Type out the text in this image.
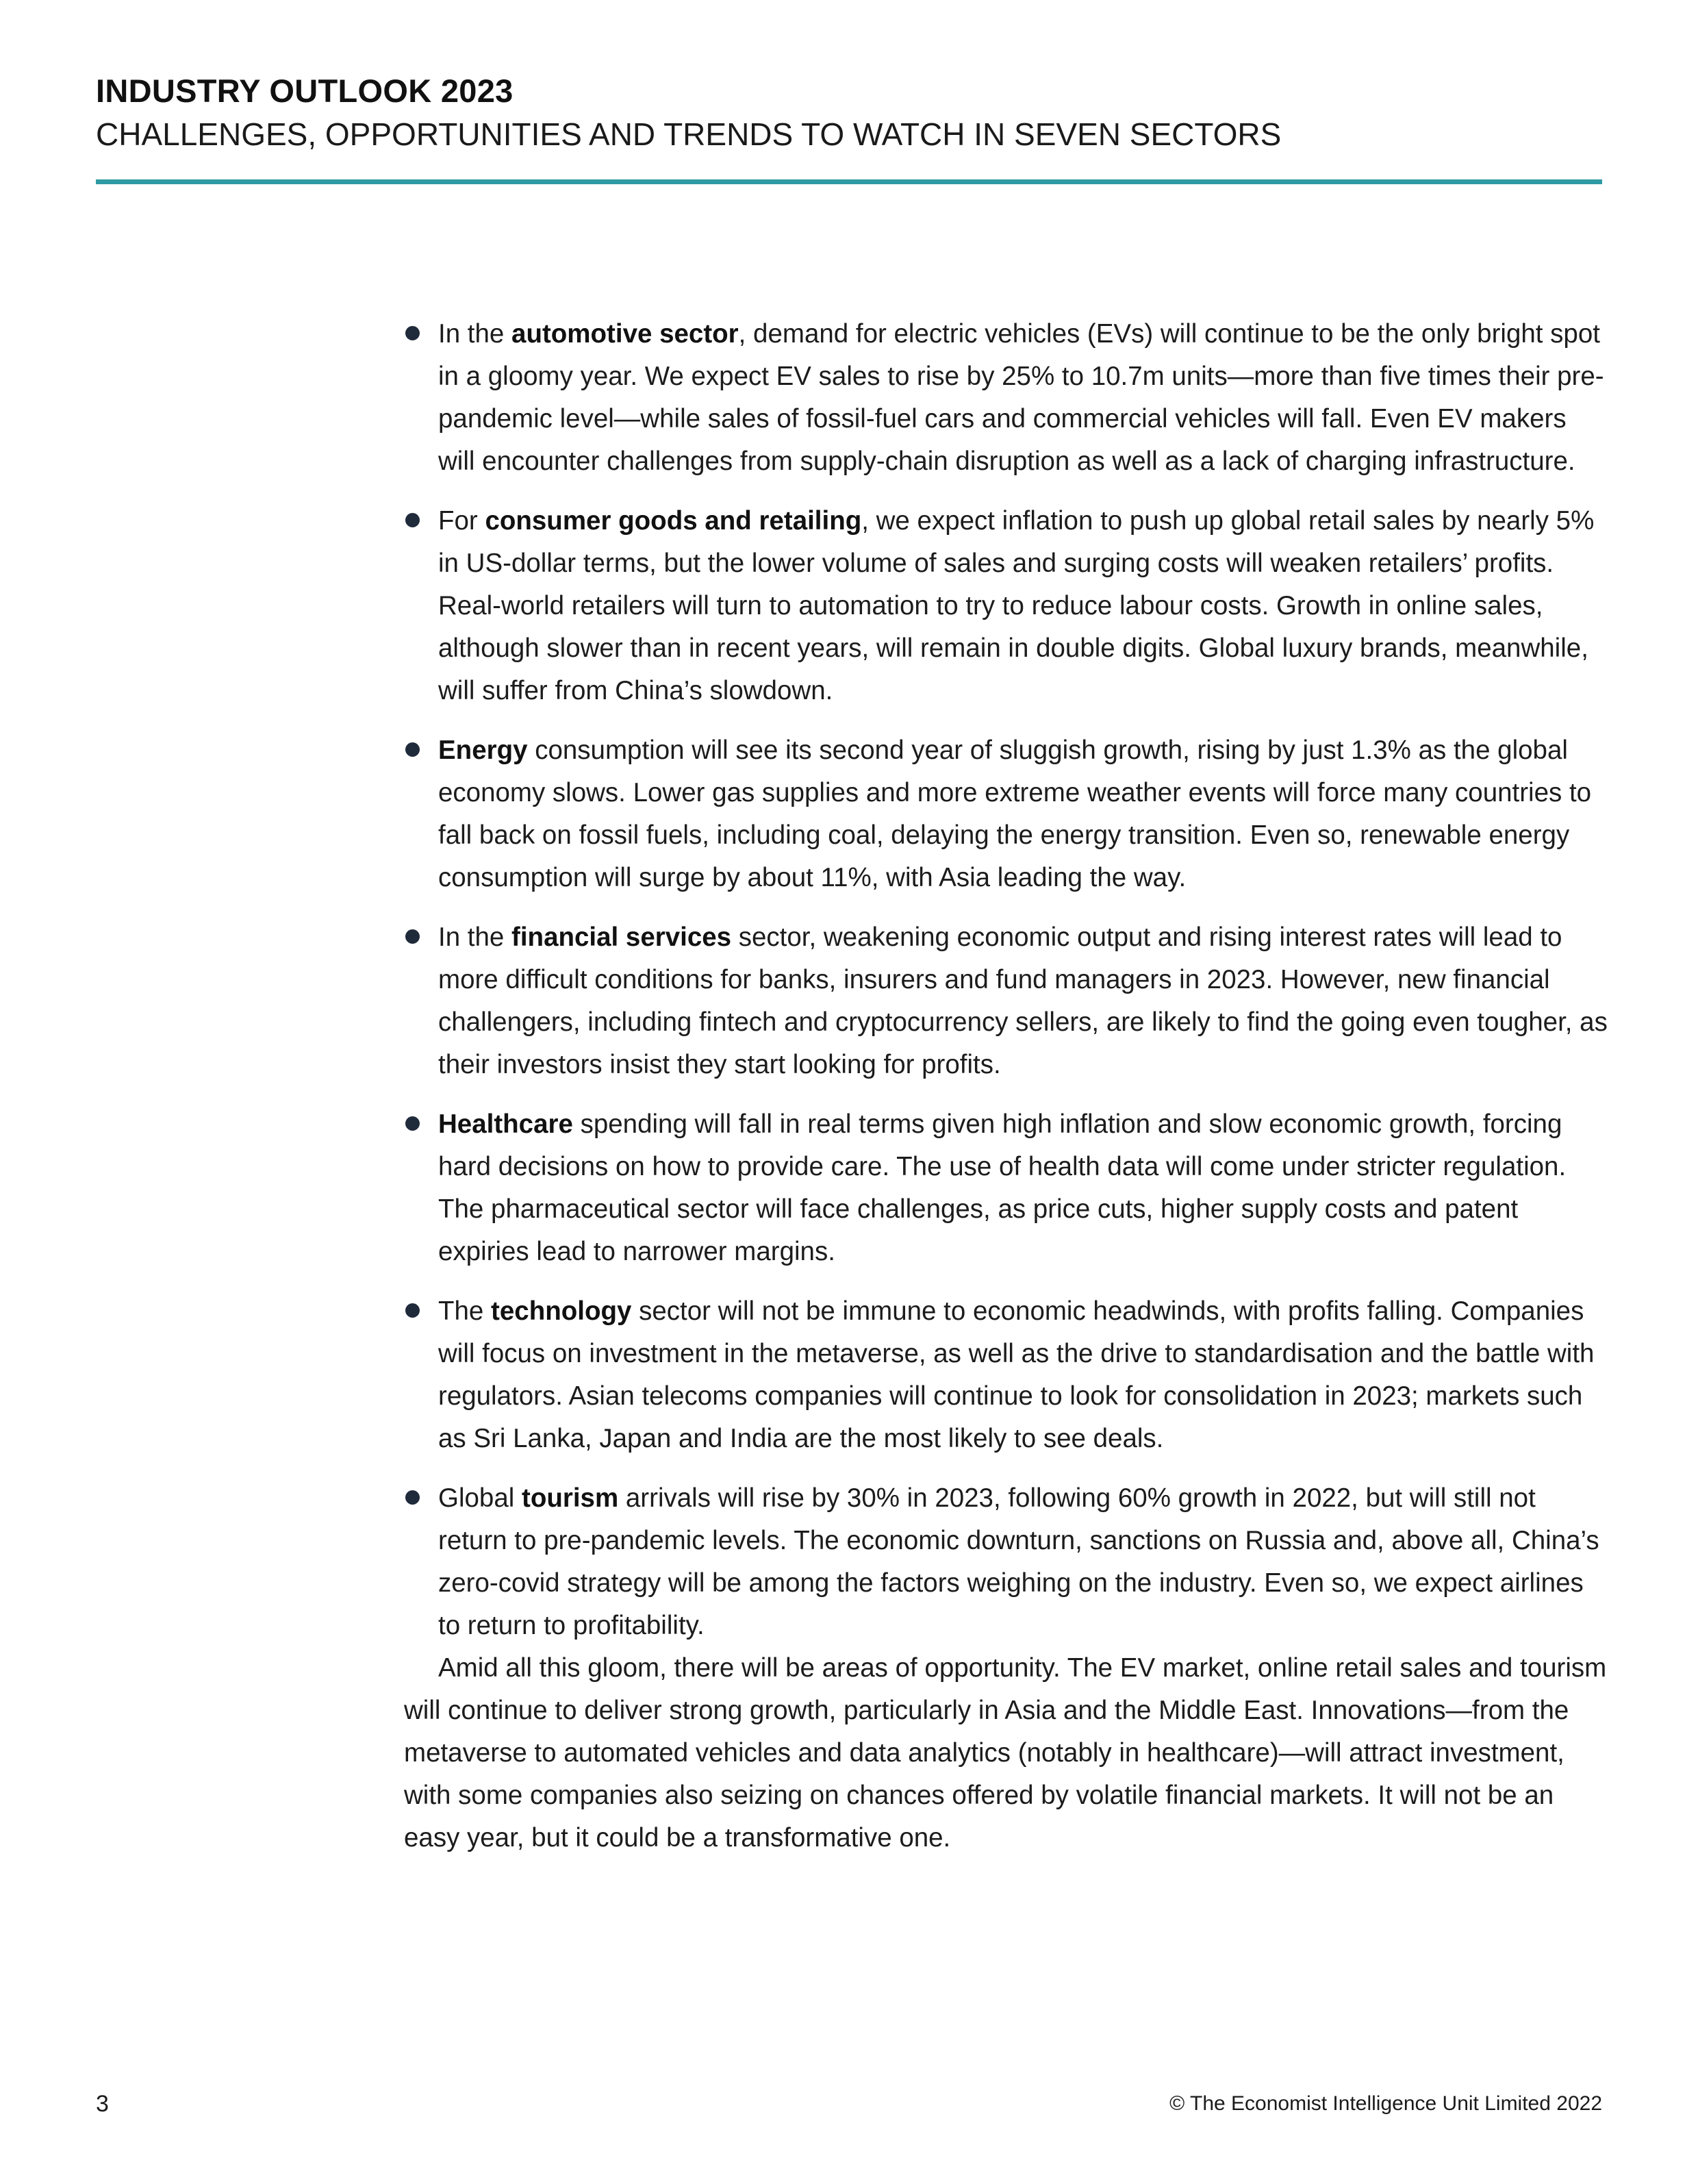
INDUSTRY OUTLOOK 2023
CHALLENGES, OPPORTUNITIES AND TRENDS TO WATCH IN SEVEN SECTORS
In the automotive sector, demand for electric vehicles (EVs) will continue to be the only bright spot in a gloomy year. We expect EV sales to rise by 25% to 10.7m units—more than five times their pre-pandemic level—while sales of fossil-fuel cars and commercial vehicles will fall. Even EV makers will encounter challenges from supply-chain disruption as well as a lack of charging infrastructure.
For consumer goods and retailing, we expect inflation to push up global retail sales by nearly 5% in US-dollar terms, but the lower volume of sales and surging costs will weaken retailers’ profits. Real-world retailers will turn to automation to try to reduce labour costs. Growth in online sales, although slower than in recent years, will remain in double digits. Global luxury brands, meanwhile, will suffer from China’s slowdown.
Energy consumption will see its second year of sluggish growth, rising by just 1.3% as the global economy slows. Lower gas supplies and more extreme weather events will force many countries to fall back on fossil fuels, including coal, delaying the energy transition. Even so, renewable energy consumption will surge by about 11%, with Asia leading the way.
In the financial services sector, weakening economic output and rising interest rates will lead to more difficult conditions for banks, insurers and fund managers in 2023. However, new financial challengers, including fintech and cryptocurrency sellers, are likely to find the going even tougher, as their investors insist they start looking for profits.
Healthcare spending will fall in real terms given high inflation and slow economic growth, forcing hard decisions on how to provide care. The use of health data will come under stricter regulation. The pharmaceutical sector will face challenges, as price cuts, higher supply costs and patent expiries lead to narrower margins.
The technology sector will not be immune to economic headwinds, with profits falling. Companies will focus on investment in the metaverse, as well as the drive to standardisation and the battle with regulators. Asian telecoms companies will continue to look for consolidation in 2023; markets such as Sri Lanka, Japan and India are the most likely to see deals.
Global tourism arrivals will rise by 30% in 2023, following 60% growth in 2022, but will still not return to pre-pandemic levels. The economic downturn, sanctions on Russia and, above all, China’s zero-covid strategy will be among the factors weighing on the industry. Even so, we expect airlines to return to profitability.

Amid all this gloom, there will be areas of opportunity. The EV market, online retail sales and tourism will continue to deliver strong growth, particularly in Asia and the Middle East. Innovations—from the metaverse to automated vehicles and data analytics (notably in healthcare)—will attract investment, with some companies also seizing on chances offered by volatile financial markets. It will not be an easy year, but it could be a transformative one.

3	© The Economist Intelligence Unit Limited 2022
